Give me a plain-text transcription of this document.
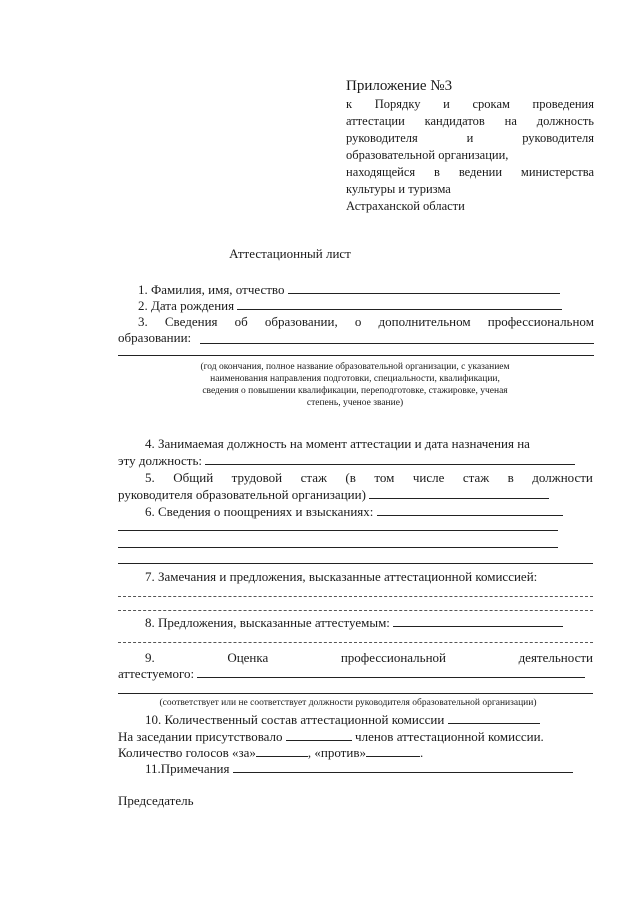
Приложение №3
к   Порядку   и   срокам   проведения
аттестации кандидатов на должность
руководителя	и	руководителя
образовательной организации,
находящейся в ведении министерства
культуры и туризма
Астраханской области
Аттестационный лист
1. Фамилия, имя, отчество
2. Дата рождения
3. Сведения об образовании, о дополнительном профессиональном
образовании:
(год окончания, полное название образовательной организации, с указанием
наименования направления подготовки, специальности, квалификации,
сведения о повышении квалификации, переподготовке, стажировке, ученая
степень, ученое звание)
4. Занимаемая должность на момент аттестации и дата назначения на
эту должность:
5. Общий трудовой стаж (в том числе стаж в должности
руководителя образовательной организации)
6. Сведения о поощрениях и взысканиях:
7. Замечания и предложения, высказанные аттестационной комиссией:
8. Предложения, высказанные аттестуемым:
9.	Оценка	профессиональной	деятельности
аттестуемого:
(соответствует или не соответствует должности руководителя образовательной организации)
10. Количественный состав аттестационной комиссии
На заседании присутствовало	членов аттестационной комиссии.
Количество голосов «за»	, «против»	.
11.Примечания
Председатель
